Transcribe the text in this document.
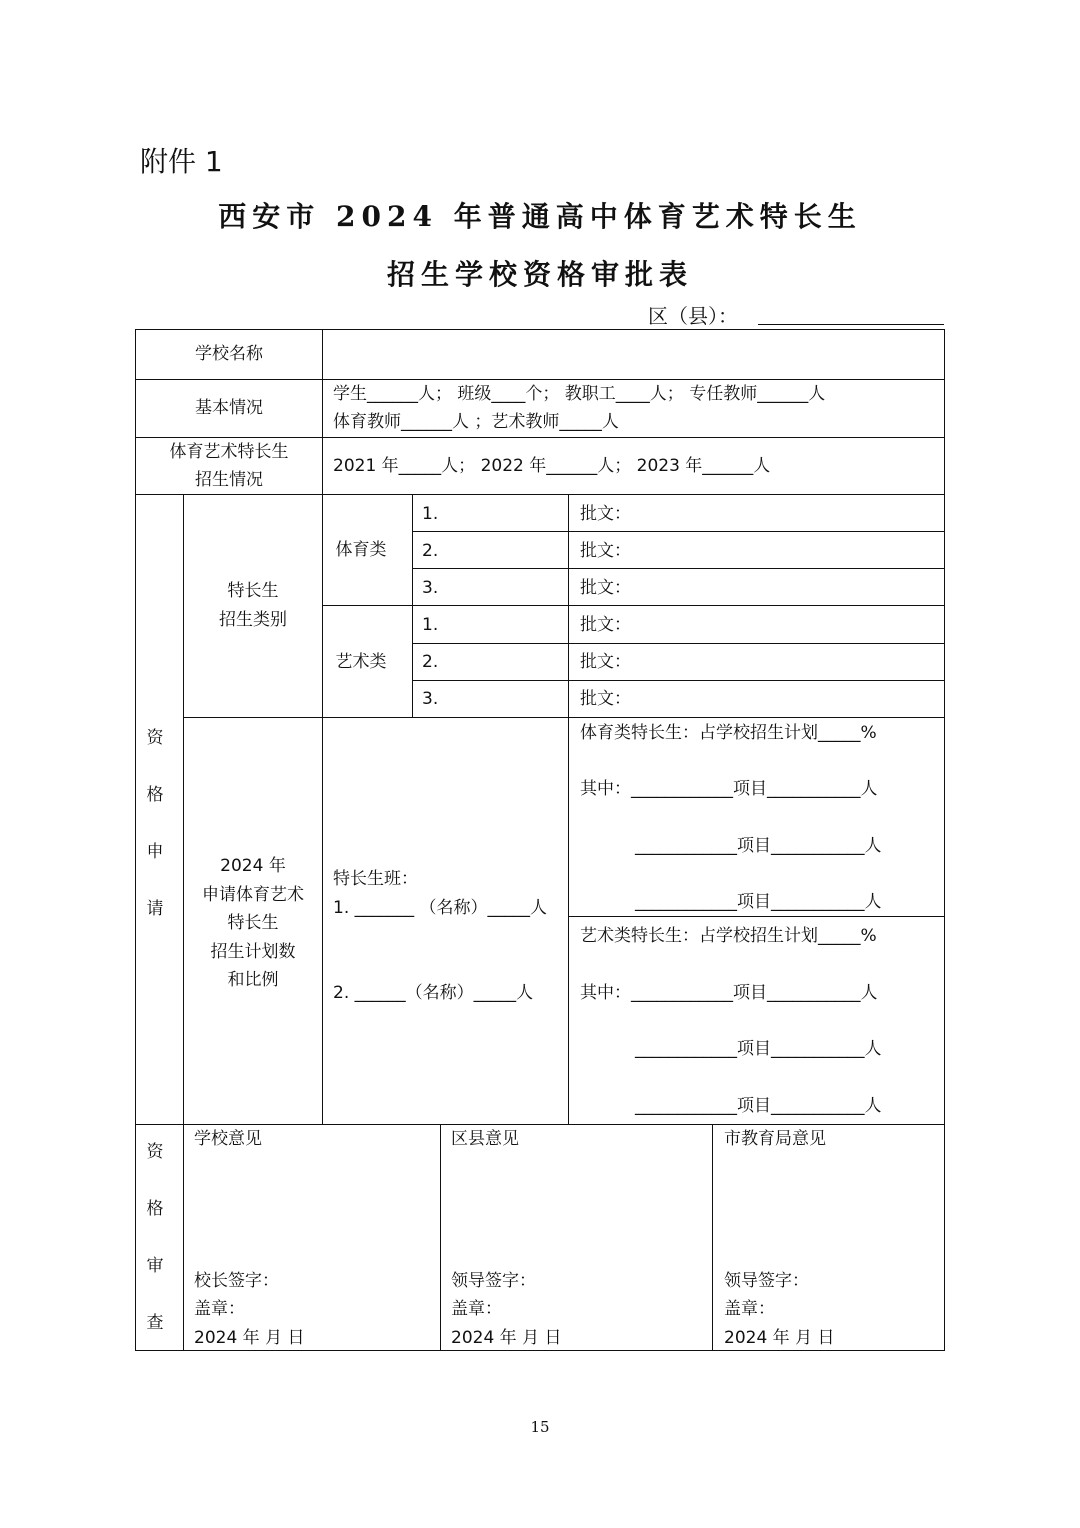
附件 1
西安市 2024 年普通高中体育艺术特长生
招生学校资格审批表
区（县）：
学校名称
基本情况
学生______人； 班级____个； 教职工____人； 专任教师______人
体育教师______人 ；艺术教师_____人
体育艺术特长生
招生情况
2021 年_____人； 2022 年______人； 2023 年______人
资
格
申
请
特长生
招生类别
体育类
艺术类
1.
2.
3.
1.
2.
3.
批文：
批文：
批文：
批文：
批文：
批文：
2024 年
申请体育艺术
特长生
招生计划数
和比例
特长生班：
1. _______ （名称）_____人
2. ______（名称）_____人
体育类特长生：占学校招生计划_____%
其中：____________项目___________人
____________项目___________人
____________项目___________人
艺术类特长生：占学校招生计划_____%
其中：____________项目___________人
____________项目___________人
____________项目___________人
资
格
审
查
学校意见
校长签字：
盖章：
2024 年 月 日
区县意见
领导签字：
盖章：
2024 年 月 日
市教育局意见
领导签字：
盖章：
2024 年 月 日
15
